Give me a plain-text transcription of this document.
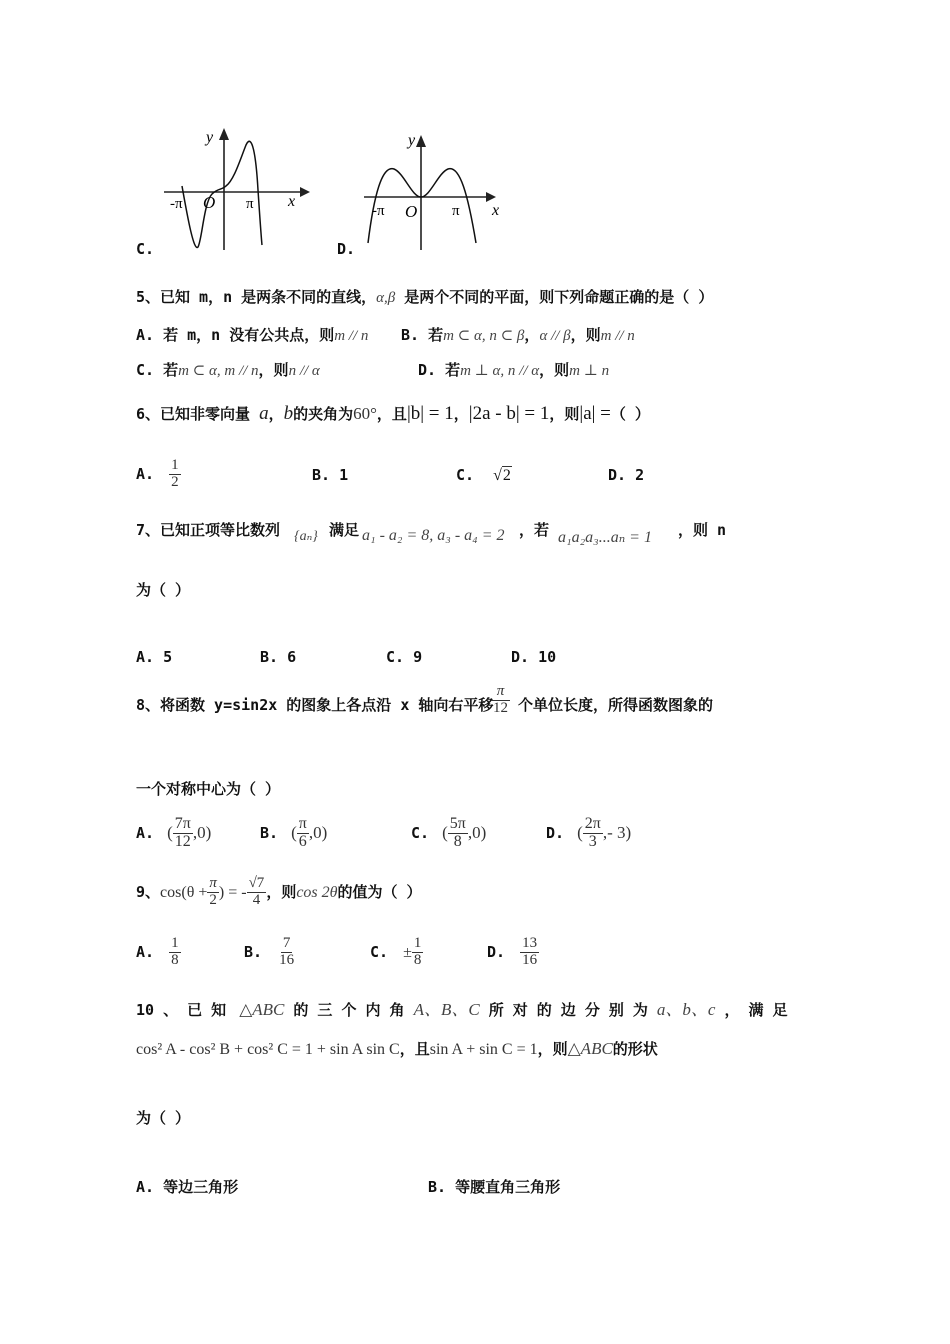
C.
y
x
-π O π
D.
y
x
-π O π
5、已知 m，n 是两条不同的直线，α,β 是两个不同的平面，则下列命题正确的是（ ）
A. 若 m，n 没有公共点，则m // n B. 若m ⊂ α, n ⊂ β，α // β，则m // n
C. 若m ⊂ α, m // n，则n // α	D. 若m ⊥ α, n // α，则m ⊥ n
6、已知非零向量 a，b的夹角为60°，且|b| = 1，|2a - b| = 1，则|a| =（ ）
A. $\frac{1}{2}$	B. 1	C. √2	D. 2
7、已知正项等比数列 {aₙ} 满足 a₁ - a₂ = 8, a₃ - a₄ = 2 ，若 a₁a₂a₃...aₙ = 1 ，则 n
为（ ）
A. 5	B. 6	C. 9	D. 10
8、将函数 y=sin2x 的图象上各点沿 x 轴向右平移
$\frac{\pi}{12}$ 个单位长度，所得函数图象的
一个对称中心为（ ）
A. ( $\frac{7\pi}{12} ,0$)	B. ( $\frac{\pi}{6} ,0$)	C. ( $\frac{5\pi}{8} ,0$)	D. ( $\frac{2\pi}{3}$ ,- 3)
9、$\cos(\theta + \frac{\pi}{2}$ ) = - $\frac{√7}{4}$ ，则cos 2θ的值为（ ）
A. $\frac{1}{8}$	B. $\frac{7}{16}$	C. ± $\frac{1}{8}$	D. $\frac{13}{16}$
10 、 已 知 △ABC 的 三 个 内 角 A、B、C 所 对 的 边 分 别 为 a、b、c ， 满 足
cos² A - cos² B + cos² C = 1 + sin A sin C，且sin A + sin C = 1，则△ABC的形状
为（ ）
A. 等边三角形	B. 等腰直角三角形
